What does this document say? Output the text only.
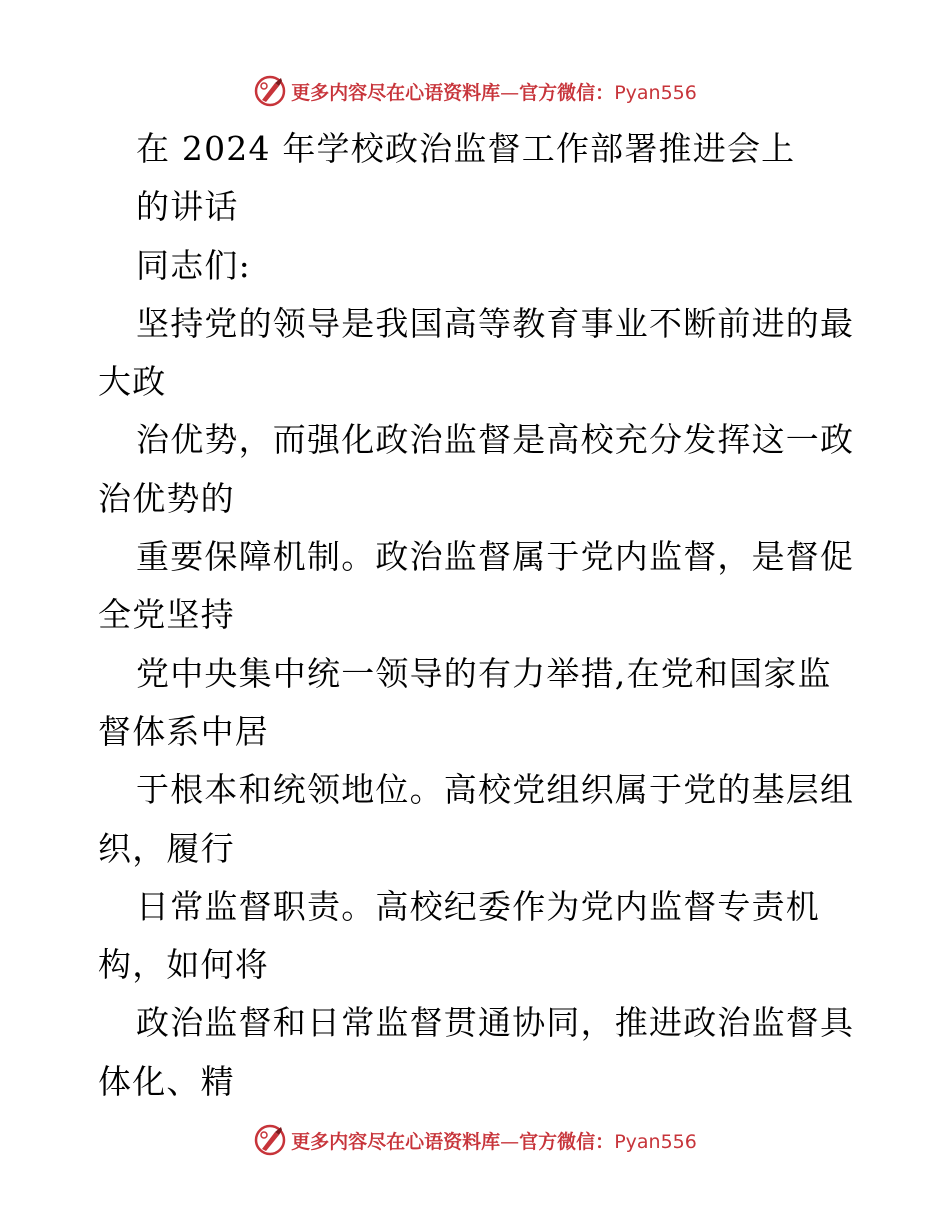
更多内容尽在心语资料库—官方微信：Pyan556
在 2024 年学校政治监督工作部署推进会上
的讲话
同志们:
坚持党的领导是我国高等教育事业不断前进的最
大政
治优势，而强化政治监督是高校充分发挥这一政
治优势的
重要保障机制。政治监督属于党内监督，是督促
全党坚持
党中央集中统一领导的有力举措,在党和国家监
督体系中居
于根本和统领地位。高校党组织属于党的基层组
织，履行
日常监督职责。高校纪委作为党内监督专责机
构，如何将
政治监督和日常监督贯通协同，推进政治监督具
体化、精
更多内容尽在心语资料库—官方微信：Pyan556
